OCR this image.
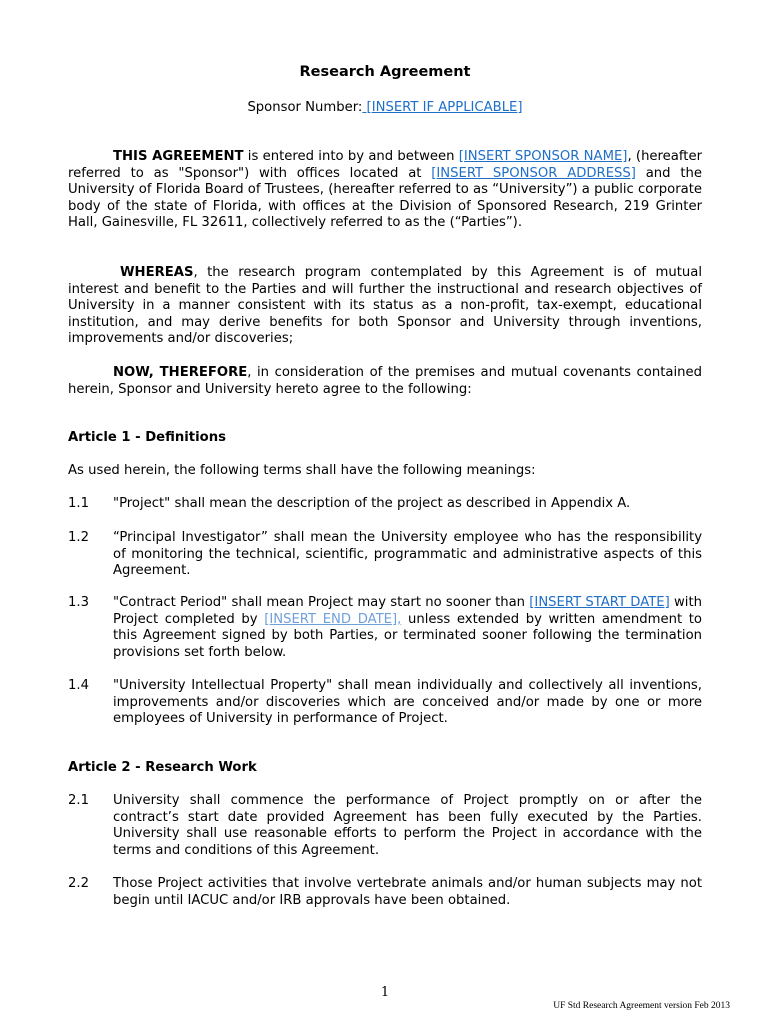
Research Agreement
Sponsor Number: [INSERT IF APPLICABLE]

THIS AGREEMENT is entered into by and between [INSERT SPONSOR NAME], (hereafter referred to as "Sponsor") with offices located at [INSERT SPONSOR ADDRESS] and the University of Florida Board of Trustees, (hereafter referred to as “University”) a public corporate body of the state of Florida, with offices at the Division of Sponsored Research, 219 Grinter Hall, Gainesville, FL 32611, collectively referred to as the (“Parties”).

WHEREAS, the research program contemplated by this Agreement is of mutual interest and benefit to the Parties and will further the instructional and research objectives of University in a manner consistent with its status as a non-profit, tax-exempt, educational institution, and may derive benefits for both Sponsor and University through inventions, improvements and/or discoveries;

NOW, THEREFORE, in consideration of the premises and mutual covenants contained herein, Sponsor and University hereto agree to the following:

Article 1 - Definitions

As used herein, the following terms shall have the following meanings:

1.1 "Project" shall mean the description of the project as described in Appendix A.
1.2 “Principal Investigator” shall mean the University employee who has the responsibility of monitoring the technical, scientific, programmatic and administrative aspects of this Agreement.
1.3 "Contract Period" shall mean Project may start no sooner than [INSERT START DATE] with Project completed by [INSERT END DATE], unless extended by written amendment to this Agreement signed by both Parties, or terminated sooner following the termination provisions set forth below.
1.4 "University Intellectual Property" shall mean individually and collectively all inventions, improvements and/or discoveries which are conceived and/or made by one or more employees of University in performance of Project.
Article 2 - Research Work
2.1 University shall commence the performance of Project promptly on or after the contract’s start date provided Agreement has been fully executed by the Parties. University shall use reasonable efforts to perform the Project in accordance with the terms and conditions of this Agreement.
2.2 Those Project activities that involve vertebrate animals and/or human subjects may not begin until IACUC and/or IRB approvals have been obtained.
1
UF Std Research Agreement version Feb 2013
